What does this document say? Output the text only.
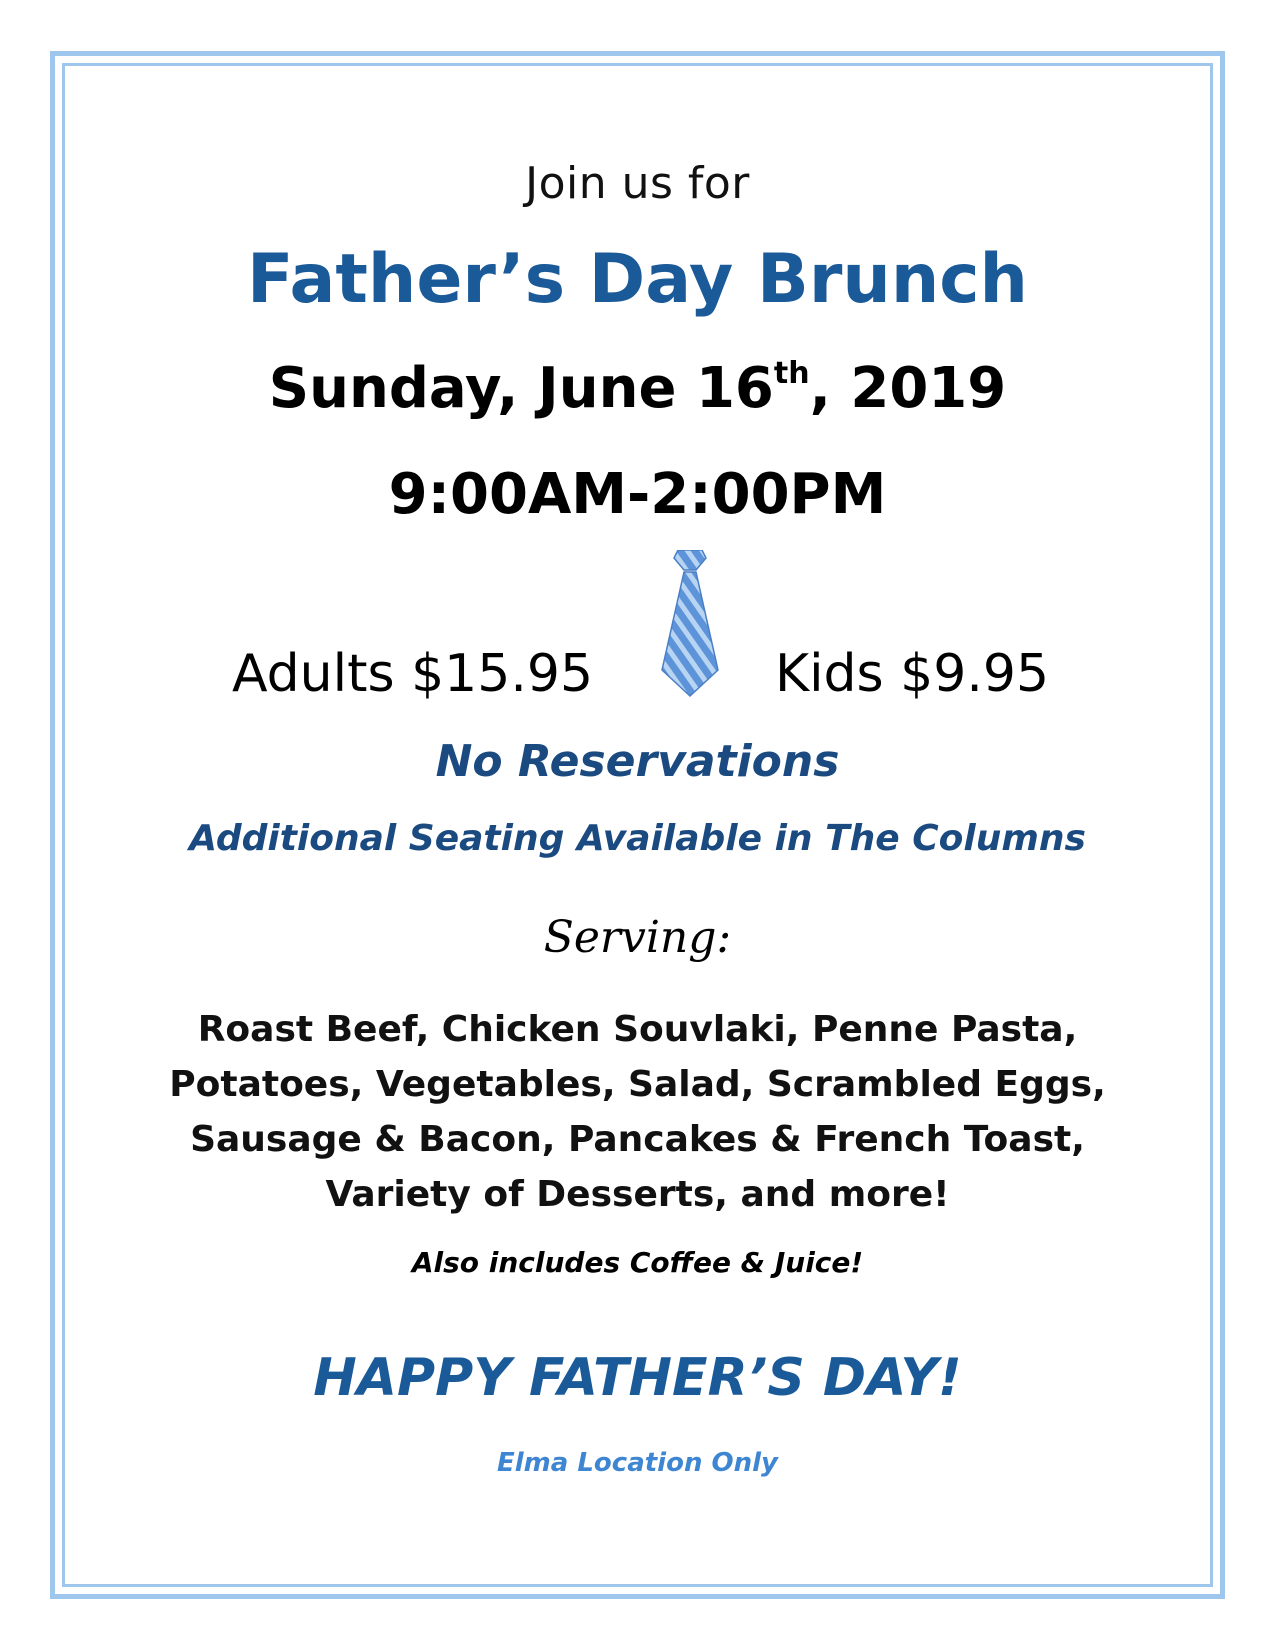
Join us for

Father’s Day Brunch

Sunday, June 16th, 2019

9:00AM-2:00PM

Adults $15.95	Kids $9.95

No Reservations

Additional Seating Available in The Columns

Serving:

Roast Beef, Chicken Souvlaki, Penne Pasta,
Potatoes, Vegetables, Salad, Scrambled Eggs,
Sausage & Bacon, Pancakes & French Toast,
Variety of Desserts, and more!

Also includes Coffee & Juice!

HAPPY FATHER’S DAY!

Elma Location Only
